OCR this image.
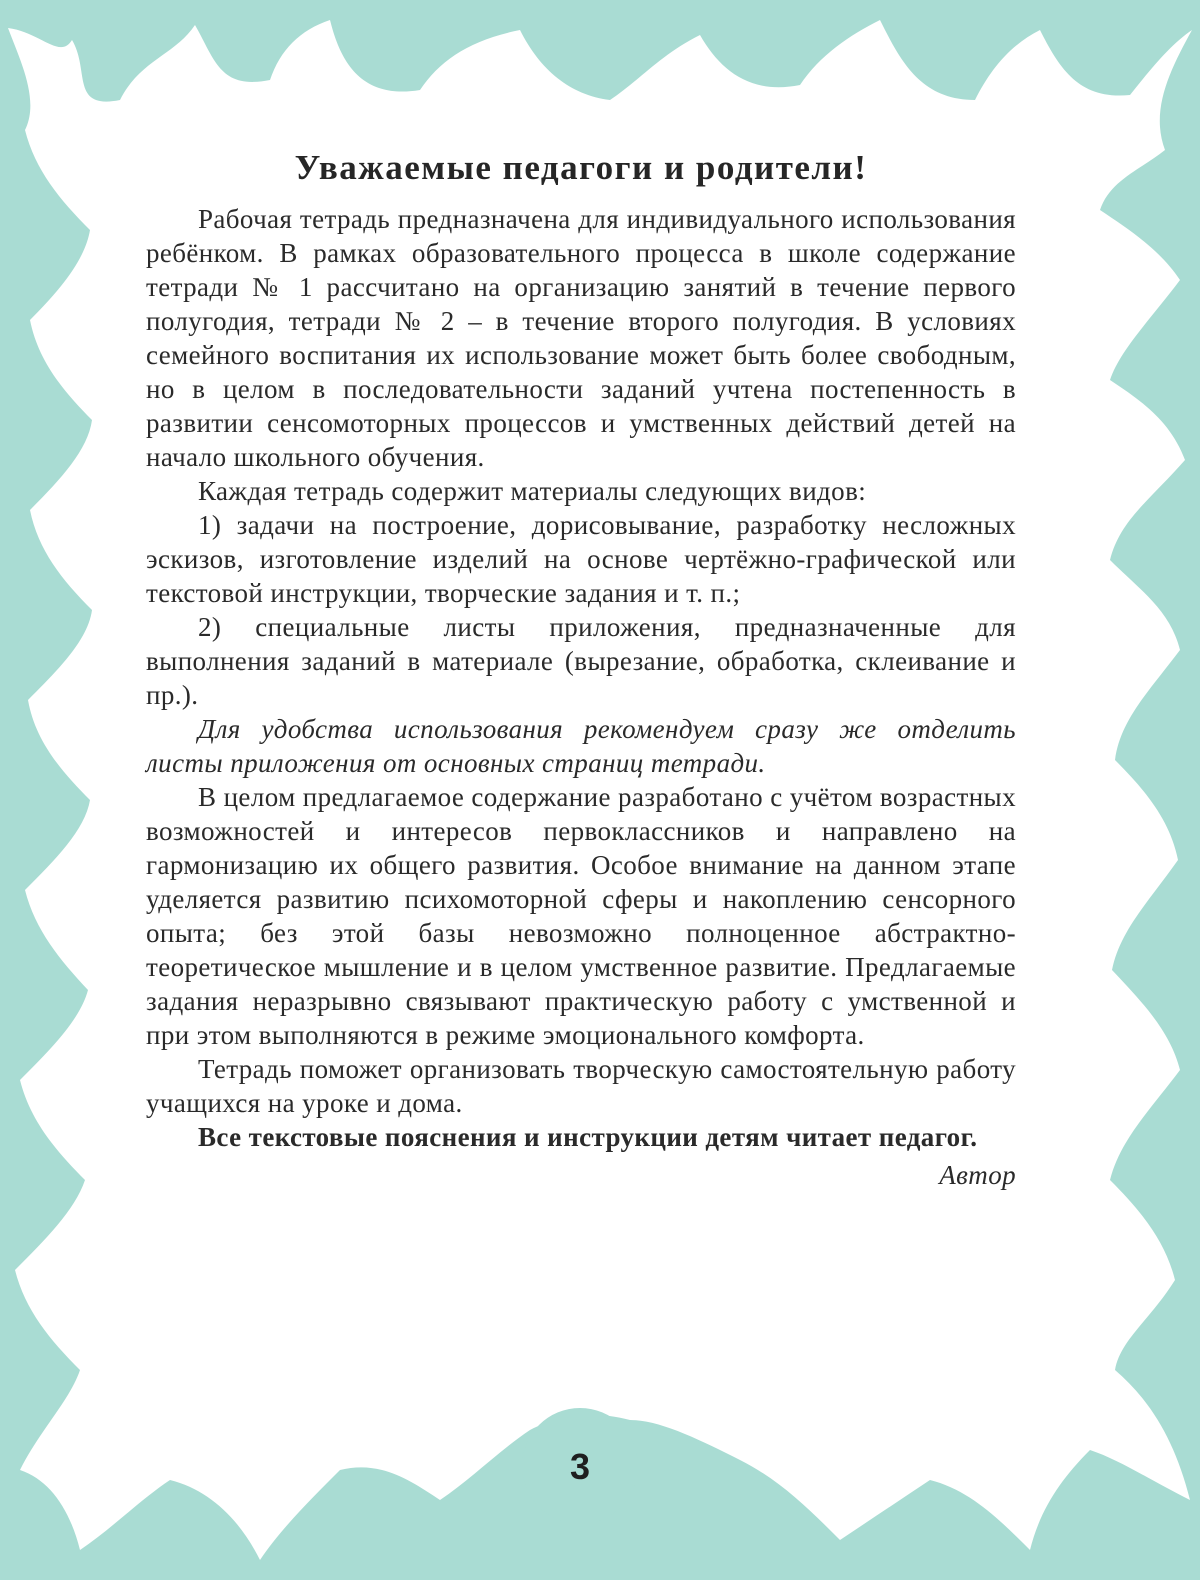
Уважаемые педагоги и родители!

Рабочая тетрадь предназначена для индивидуального использования ребёнком. В рамках образовательного процесса в школе содержание тетради № 1 рассчитано на организацию занятий в течение первого полугодия, тетради № 2 – в течение второго полугодия. В условиях семейного воспитания их использование может быть более свободным, но в целом в последовательности заданий учтена постепенность в развитии сенсомоторных процессов и умственных действий детей на начало школьного обучения.

Каждая тетрадь содержит материалы следующих видов:

1) задачи на построение, дорисовывание, разработку несложных эскизов, изготовление изделий на основе чертёжно-графической или текстовой инструкции, творческие задания и т. п.;

2) специальные листы приложения, предназначенные для выполнения заданий в материале (вырезание, обработка, склеивание и пр.).

Для удобства использования рекомендуем сразу же отделить листы приложения от основных страниц тетради.

В целом предлагаемое содержание разработано с учётом возрастных возможностей и интересов первоклассников и направлено на гармонизацию их общего развития. Особое внимание на данном этапе уделяется развитию психомоторной сферы и накоплению сенсорного опыта; без этой базы невозможно полноценное абстрактно-теоретическое мышление и в целом умственное развитие. Предлагаемые задания неразрывно связывают практическую работу с умственной и при этом выполняются в режиме эмоционального комфорта.

Тетрадь поможет организовать творческую самостоятельную работу учащихся на уроке и дома.

Все текстовые пояснения и инструкции детям читает педагог.

Автор

3
